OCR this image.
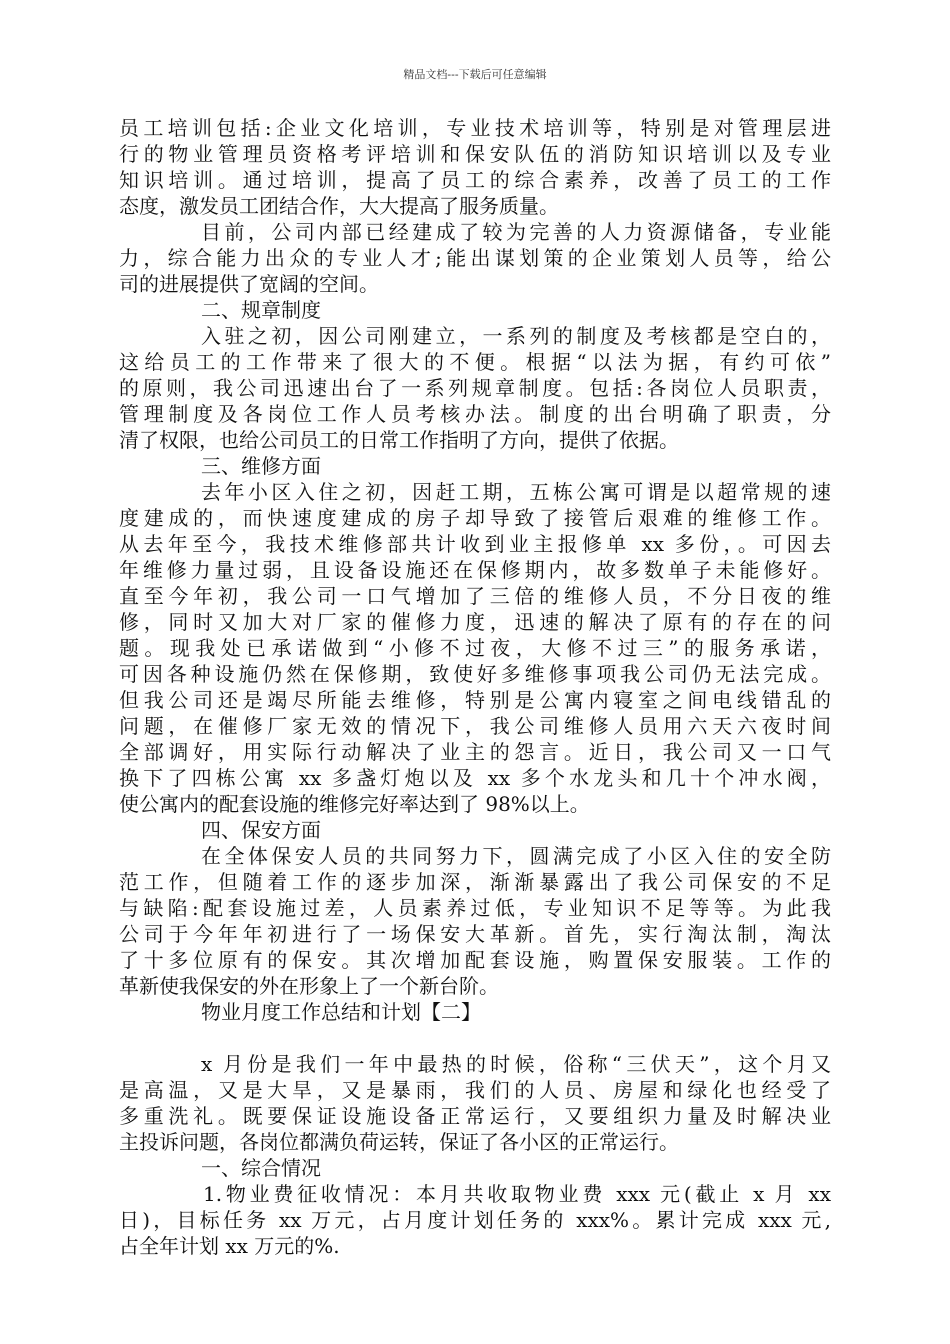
精品文档---下载后可任意编辑
员工培训包括:企业文化培训，专业技术培训等，特别是对管理层进
行的物业管理员资格考评培训和保安队伍的消防知识培训以及专业
知识培训。通过培训，提高了员工的综合素养，改善了员工的工作
态度，激发员工团结合作，大大提高了服务质量。
目前，公司内部已经建成了较为完善的人力资源储备，专业能
力，综合能力出众的专业人才;能出谋划策的企业策划人员等，给公
司的进展提供了宽阔的空间。
二、规章制度
入驻之初，因公司刚建立，一系列的制度及考核都是空白的，
这给员工的工作带来了很大的不便。根据“以法为据，有约可依”
的原则，我公司迅速出台了一系列规章制度。包括:各岗位人员职责，
管理制度及各岗位工作人员考核办法。制度的出台明确了职责，分
清了权限，也给公司员工的日常工作指明了方向，提供了依据。
三、维修方面
去年小区入住之初，因赶工期，五栋公寓可谓是以超常规的速
度建成的，而快速度建成的房子却导致了接管后艰难的维修工作。
从去年至今，我技术维修部共计收到业主报修单 xx 多份，。可因去
年维修力量过弱，且设备设施还在保修期内，故多数单子未能修好。
直至今年初，我公司一口气增加了三倍的维修人员，不分日夜的维
修，同时又加大对厂家的催修力度，迅速的解决了原有的存在的问
题。现我处已承诺做到“小修不过夜，大修不过三”的服务承诺，
可因各种设施仍然在保修期，致使好多维修事项我公司仍无法完成。
但我公司还是竭尽所能去维修，特别是公寓内寝室之间电线错乱的
问题，在催修厂家无效的情况下，我公司维修人员用六天六夜时间
全部调好，用实际行动解决了业主的怨言。近日，我公司又一口气
换下了四栋公寓 xx 多盏灯炮以及 xx 多个水龙头和几十个冲水阀，
使公寓内的配套设施的维修完好率达到了 98%以上。
四、保安方面
在全体保安人员的共同努力下，圆满完成了小区入住的安全防
范工作，但随着工作的逐步加深，渐渐暴露出了我公司保安的不足
与缺陷:配套设施过差，人员素养过低，专业知识不足等等。为此我
公司于今年年初进行了一场保安大革新。首先，实行淘汰制，淘汰
了十多位原有的保安。其次增加配套设施，购置保安服装。工作的
革新使我保安的外在形象上了一个新台阶。
物业月度工作总结和计划【二】
x 月份是我们一年中最热的时候，俗称“三伏天”，这个月又
是高温，又是大旱，又是暴雨，我们的人员、房屋和绿化也经受了
多重洗礼。既要保证设施设备正常运行，又要组织力量及时解决业
主投诉问题，各岗位都满负荷运转，保证了各小区的正常运行。
一、综合情况
1.物业费征收情况：本月共收取物业费 xxx 元(截止 x 月 xx
日)，目标任务 xx 万元，占月度计划任务的 xxx%。累计完成 xxx 元,
占全年计划 xx 万元的%.
